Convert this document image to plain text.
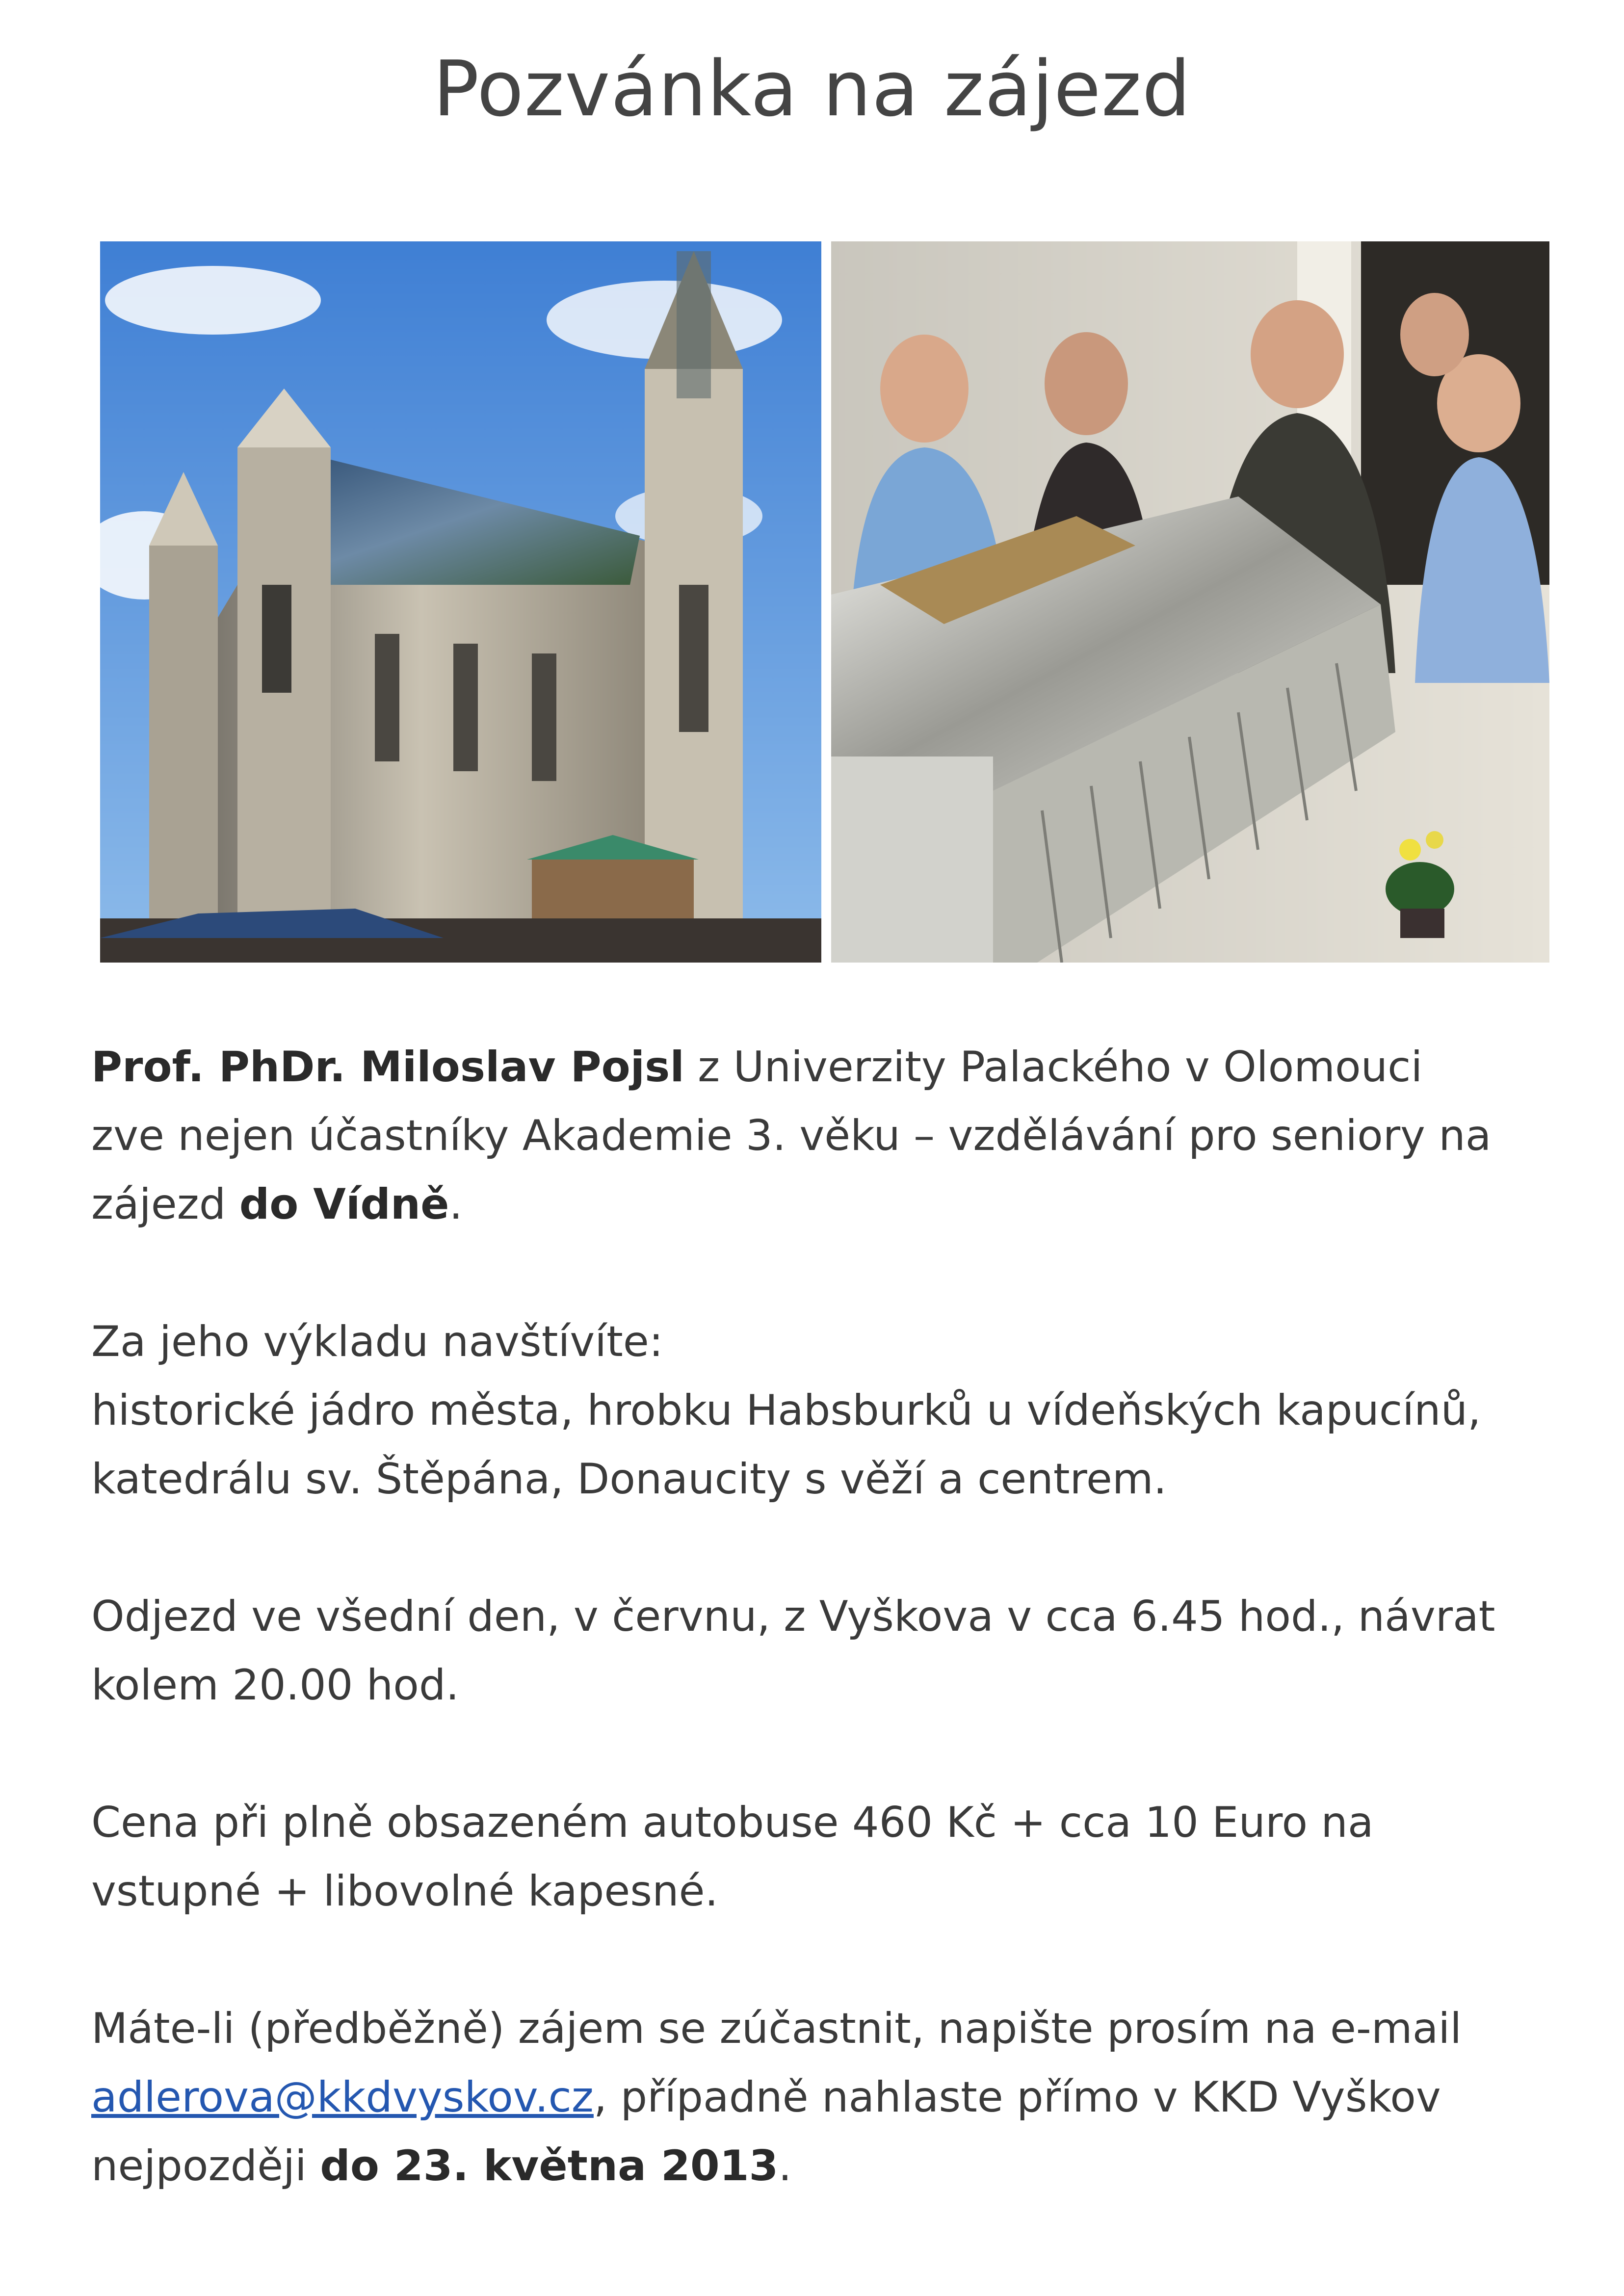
Pozvánka na zájezd

Prof. PhDr. Miloslav Pojsl z Univerzity Palackého v Olomouci
zve nejen účastníky Akademie 3. věku – vzdělávání pro seniory na
zájezd do Vídně.

Za jeho výkladu navštívíte:
historické jádro města, hrobku Habsburků u vídeňských kapucínů,
katedrálu sv. Štěpána, Donaucity s věží a centrem.

Odjezd ve všední den, v červnu, z Vyškova v cca 6.45 hod., návrat
kolem 20.00 hod.

Cena při plně obsazeném autobuse 460 Kč + cca 10 Euro na
vstupné + libovolné kapesné.

Máte-li (předběžně) zájem se zúčastnit, napište prosím na e-mail
adlerova@kkdvyskov.cz, případně nahlaste přímo v KKD Vyškov
nejpozději do 23. května 2013.
